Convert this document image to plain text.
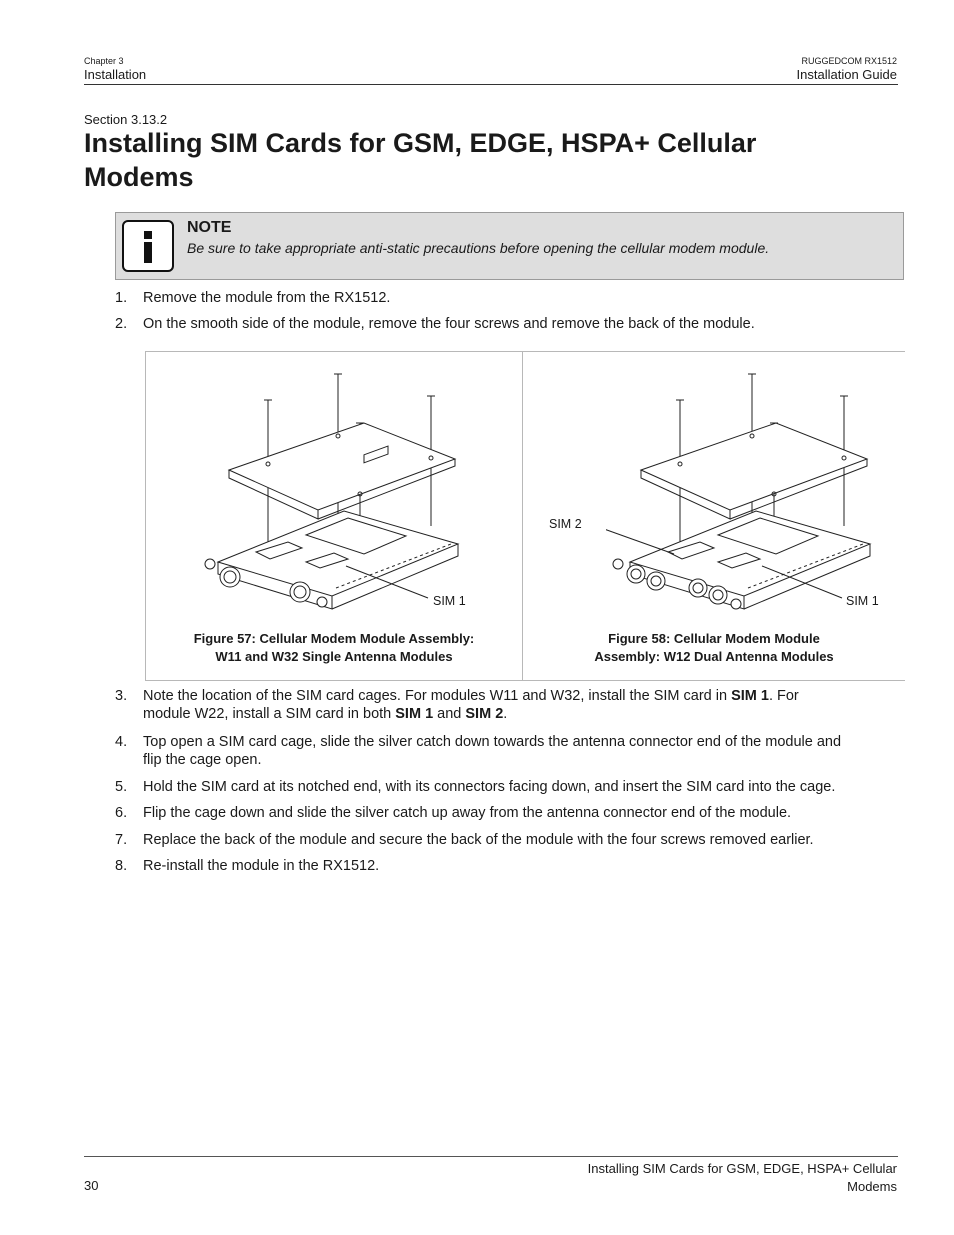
Chapter 3
Installation
RUGGEDCOM RX1512
Installation Guide
Section 3.13.2
Installing SIM Cards for GSM, EDGE, HSPA+ Cellular Modems
NOTE
Be sure to take appropriate anti-static precautions before opening the cellular modem module.
1.	Remove the module from the RX1512.
2.	On the smooth side of the module, remove the four screws and remove the back of the module.
SIM 1
Figure 57: Cellular Modem Module Assembly:
W11 and W32 Single Antenna Modules
SIM 2
SIM 1
Figure 58: Cellular Modem Module
Assembly: W12 Dual Antenna Modules
3.	Note the location of the SIM card cages. For modules W11 and W32, install the SIM card in SIM 1. For
module W22, install a SIM card in both SIM 1 and SIM 2.
4.	Top open a SIM card cage, slide the silver catch down towards the antenna connector end of the module and
flip the cage open.
5.	Hold the SIM card at its notched end, with its connectors facing down, and insert the SIM card into the cage.
6.	Flip the cage down and slide the silver catch up away from the antenna connector end of the module.
7.	Replace the back of the module and secure the back of the module with the four screws removed earlier.
8.	Re-install the module in the RX1512.
30
Installing SIM Cards for GSM, EDGE, HSPA+ Cellular
Modems
